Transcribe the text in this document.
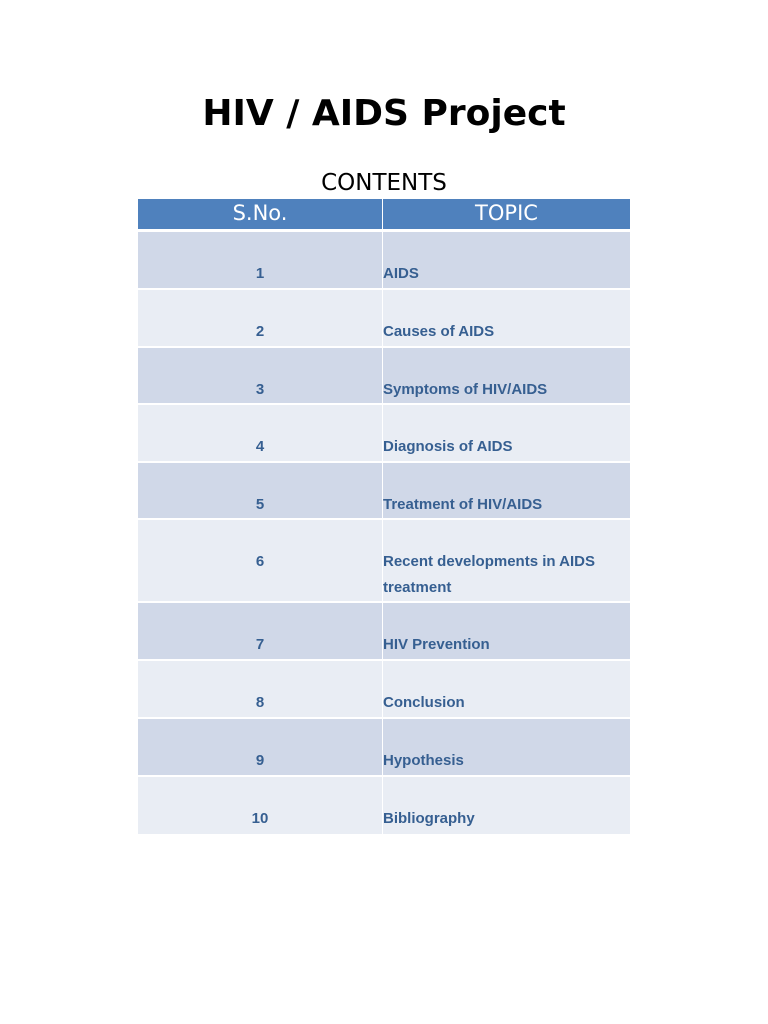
HIV / AIDS Project
CONTENTS
S.No.	TOPIC
1	AIDS
2	Causes of AIDS
3	Symptoms of HIV/AIDS
4	Diagnosis of AIDS
5	Treatment of HIV/AIDS
6	Recent developments in AIDS treatment
7	HIV Prevention
8	Conclusion
9	Hypothesis
10	Bibliography
